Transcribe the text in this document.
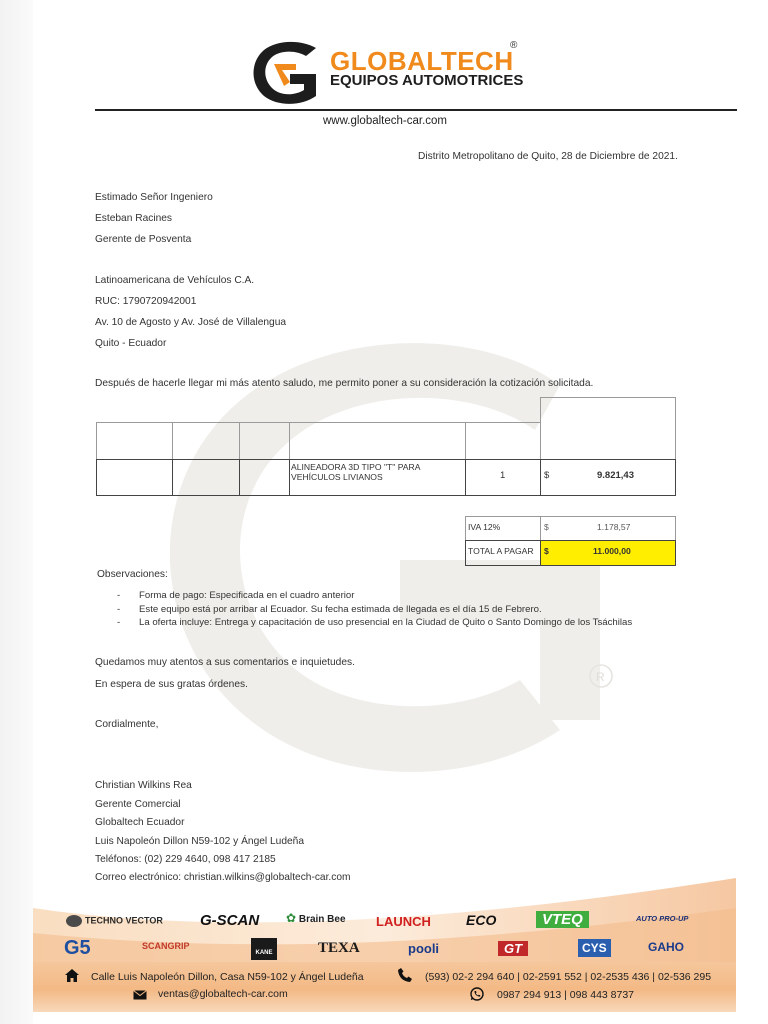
R
GLOBALTECH
EQUIPOS AUTOMOTRICES
®
www.globaltech-car.com
Distrito Metropolitano de Quito, 28 de Diciembre de 2021.
Estimado Señor Ingeniero
Esteban Racines
Gerente de Posventa
Latinoamericana de Vehículos C.A.
RUC: 1790720942001
Av. 10 de Agosto y Av. José de Villalengua
Quito - Ecuador
Después de hacerle llegar mi más atento saludo, me permito poner a su consideración la cotización solicitada.
ALINEADORA 3D TIPO "T" PARA VEHÍCULOS LIVIANOS	1	$	9.821,43
IVA 12%	$	1.178,57
TOTAL A PAGAR $	11.000,00
Observaciones:
- Forma de pago: Especificada en el cuadro anterior
- Este equipo está por arribar al Ecuador. Su fecha estimada de llegada es el día 15 de Febrero.
- La oferta incluye: Entrega y capacitación de uso presencial en la Ciudad de Quito o Santo Domingo de los Tsáchilas
Quedamos muy atentos a sus comentarios e inquietudes.
En espera de sus gratas órdenes.
Cordialmente,
Christian Wilkins Rea
Gerente Comercial
Globaltech Ecuador
Luis Napoleón Dillon N59-102 y Ángel Ludeña
Teléfonos: (02) 229 4640, 098 417 2185
Correo electrónico: christian.wilkins@globaltech-car.com
TECHNO VECTOR G-SCAN ✿ Brain Bee LAUNCH	ECO	VTEQ	AUTO PRO-UP
G5	SCANGRIP
KANE	TEXA	pooli	GT	CYS	GAHO
Calle Luis Napoleón Dillon, Casa N59-102 y Ángel Ludeña	(593) 02-2 294 640 | 02-2591 552 | 02-2535 436 | 02-536 295
ventas@globaltech-car.com	0987 294 913 | 098 443 8737
